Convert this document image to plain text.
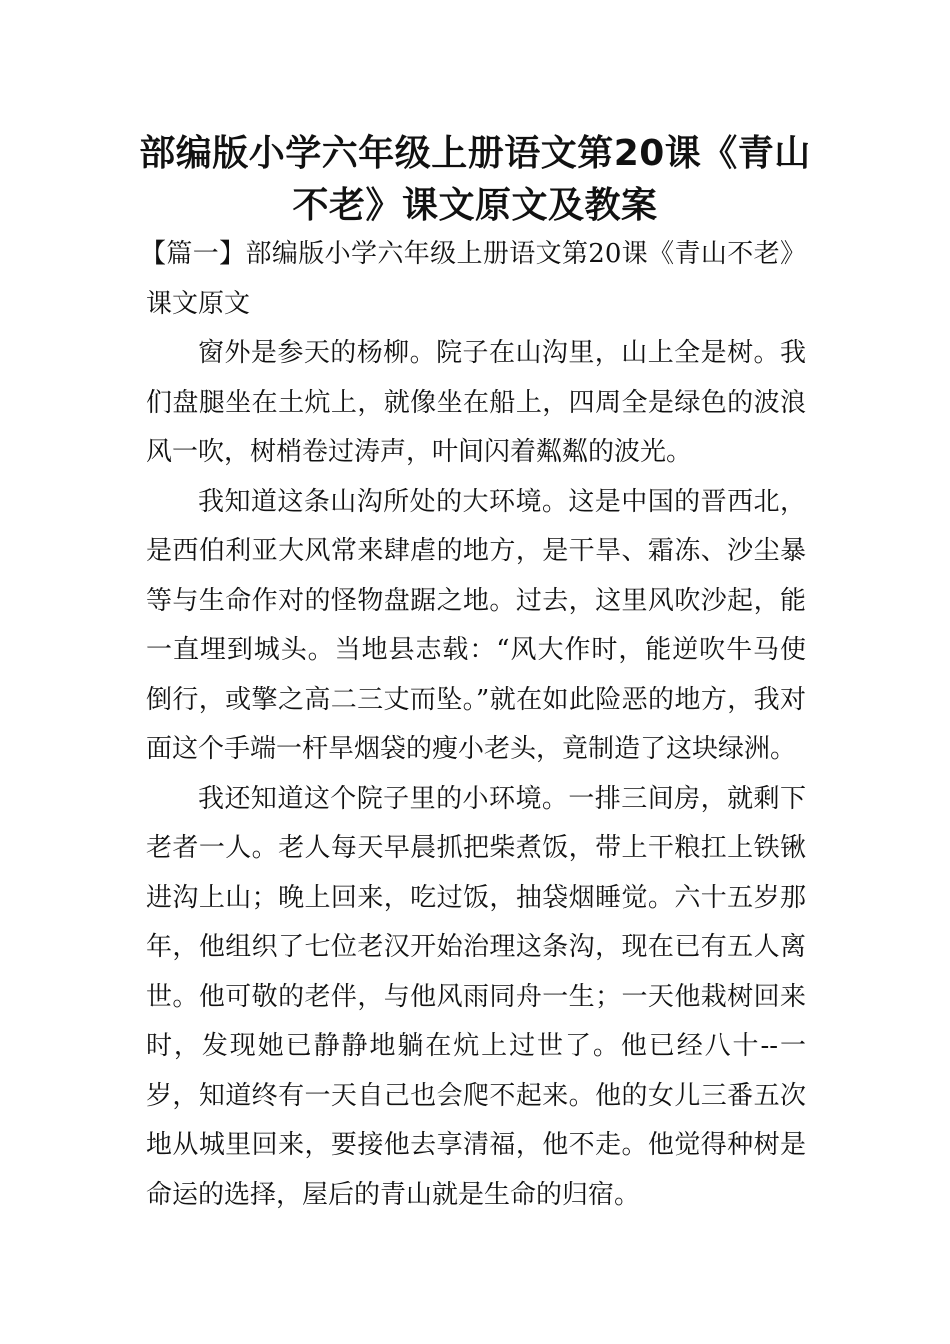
部编版小学六年级上册语文第20课《青山不老》课文原文及教案

【篇一】部编版小学六年级上册语文第20课《青山不老》课文原文

窗外是参天的杨柳。院子在山沟里，山上全是树。我们盘腿坐在土炕上，就像坐在船上，四周全是绿色的波浪风一吹，树梢卷过涛声，叶间闪着粼粼的波光。

我知道这条山沟所处的大环境。这是中国的晋西北，是西伯利亚大风常来肆虐的地方，是干旱、霜冻、沙尘暴等与生命作对的怪物盘踞之地。过去，这里风吹沙起，能一直埋到城头。当地县志载：“风大作时，能逆吹牛马使倒行，或擎之高二三丈而坠。”就在如此险恶的地方，我对面这个手端一杆旱烟袋的瘦小老头，竟制造了这块绿洲。

我还知道这个院子里的小环境。一排三间房，就剩下老者一人。老人每天早晨抓把柴煮饭，带上干粮扛上铁锹进沟上山；晚上回来，吃过饭，抽袋烟睡觉。六十五岁那年，他组织了七位老汉开始治理这条沟，现在已有五人离世。他可敬的老伴，与他风雨同舟一生；一天他栽树回来时，发现她已静静地躺在炕上过世了。他已经八十--一岁，知道终有一天自己也会爬不起来。他的女儿三番五次地从城里回来，要接他去享清福，他不走。他觉得种树是命运的选择，屋后的青山就是生命的归宿。
